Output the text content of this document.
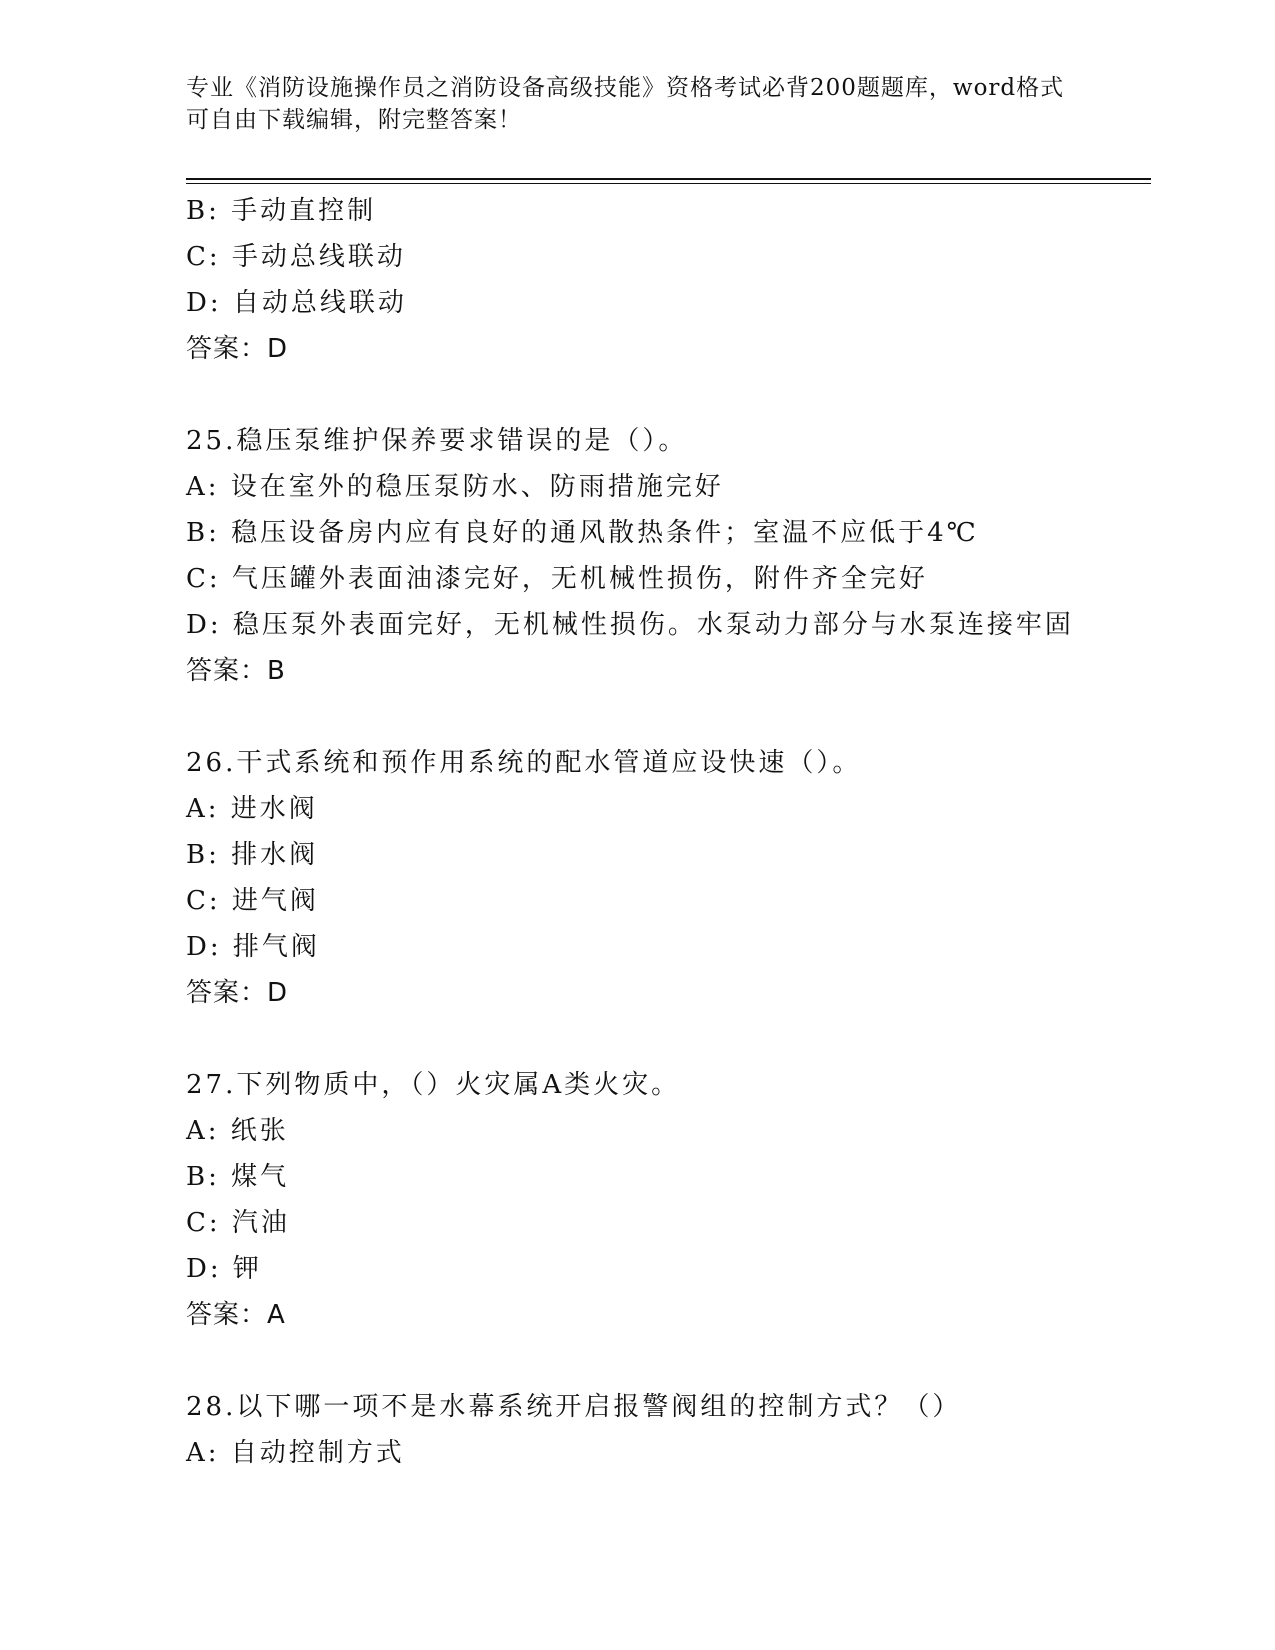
专业《消防设施操作员之消防设备高级技能》资格考试必背200题题库，word格式可自由下载编辑，附完整答案！

B: 手动直控制

C: 手动总线联动

D: 自动总线联动

答案：D

25.稳压泵维护保养要求错误的是（）。

A: 设在室外的稳压泵防水、防雨措施完好

B: 稳压设备房内应有良好的通风散热条件；室温不应低于4℃

C: 气压罐外表面油漆完好，无机械性损伤，附件齐全完好

D: 稳压泵外表面完好，无机械性损伤。水泵动力部分与水泵连接牢固

答案：B

26.干式系统和预作用系统的配水管道应设快速（）。

A: 进水阀

B: 排水阀

C: 进气阀

D: 排气阀

答案：D

27.下列物质中，（）火灾属A类火灾。

A: 纸张

B: 煤气

C: 汽油

D: 钾

答案：A

28.以下哪一项不是水幕系统开启报警阀组的控制方式？（）

A: 自动控制方式
